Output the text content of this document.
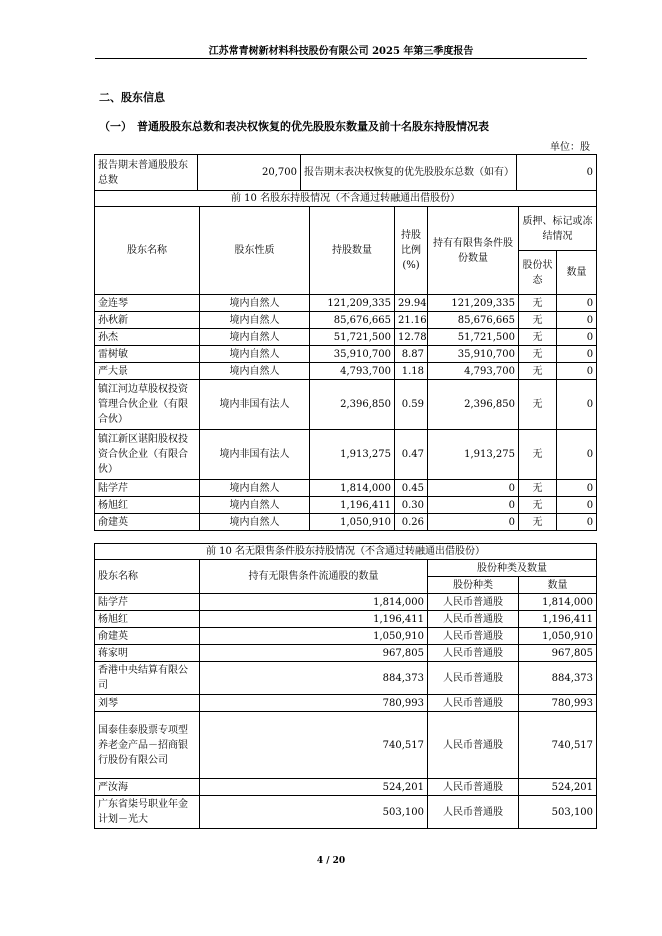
江苏常青树新材料科技股份有限公司 2025 年第三季度报告
二、股东信息
（一） 普通股股东总数和表决权恢复的优先股股东数量及前十名股东持股情况表
单位：股
报告期末普通股股东总数	20,700	报告期末表决权恢复的优先股股东总数（如有）	0
前 10 名股东持股情况（不含通过转融通出借股份）						
股东名称	股东性质	持股数量	持股比例(%)	持有有限售条件股份数量	质押、标记或冻结情况	
					股份状态	数量
金连琴	境内自然人	121,209,335	29.94	121,209,335	无	0
孙秋新	境内自然人	85,676,665	21.16	85,676,665	无	0
孙杰	境内自然人	51,721,500	12.78	51,721,500	无	0
雷树敏	境内自然人	35,910,700	8.87	35,910,700	无	0
严大景	境内自然人	4,793,700	1.18	4,793,700	无	0
镇江河边草股权投资管理合伙企业（有限合伙）	境内非国有法人	2,396,850	0.59	2,396,850	无	0
镇江新区谌阳股权投资合伙企业（有限合伙）	境内非国有法人	1,913,275	0.47	1,913,275	无	0
陆学芹	境内自然人	1,814,000	0.45	0	无	0
杨旭红	境内自然人	1,196,411	0.30	0	无	0
俞建英	境内自然人	1,050,910	0.26	0	无	0
前 10 名无限售条件股东持股情况（不含通过转融通出借股份）			
股东名称	持有无限售条件流通股的数量	股份种类及数量	
		股份种类	数量
陆学芹	1,814,000	人民币普通股	1,814,000
杨旭红	1,196,411	人民币普通股	1,196,411
俞建英	1,050,910	人民币普通股	1,050,910
蒋家明	967,805	人民币普通股	967,805
香港中央结算有限公司	884,373	人民币普通股	884,373
刘琴	780,993	人民币普通股	780,993
国泰佳泰股票专项型养老金产品－招商银行股份有限公司	740,517	人民币普通股	740,517
严汝海	524,201	人民币普通股	524,201
广东省柒号职业年金计划－光大	503,100	人民币普通股	503,100
4 / 20
